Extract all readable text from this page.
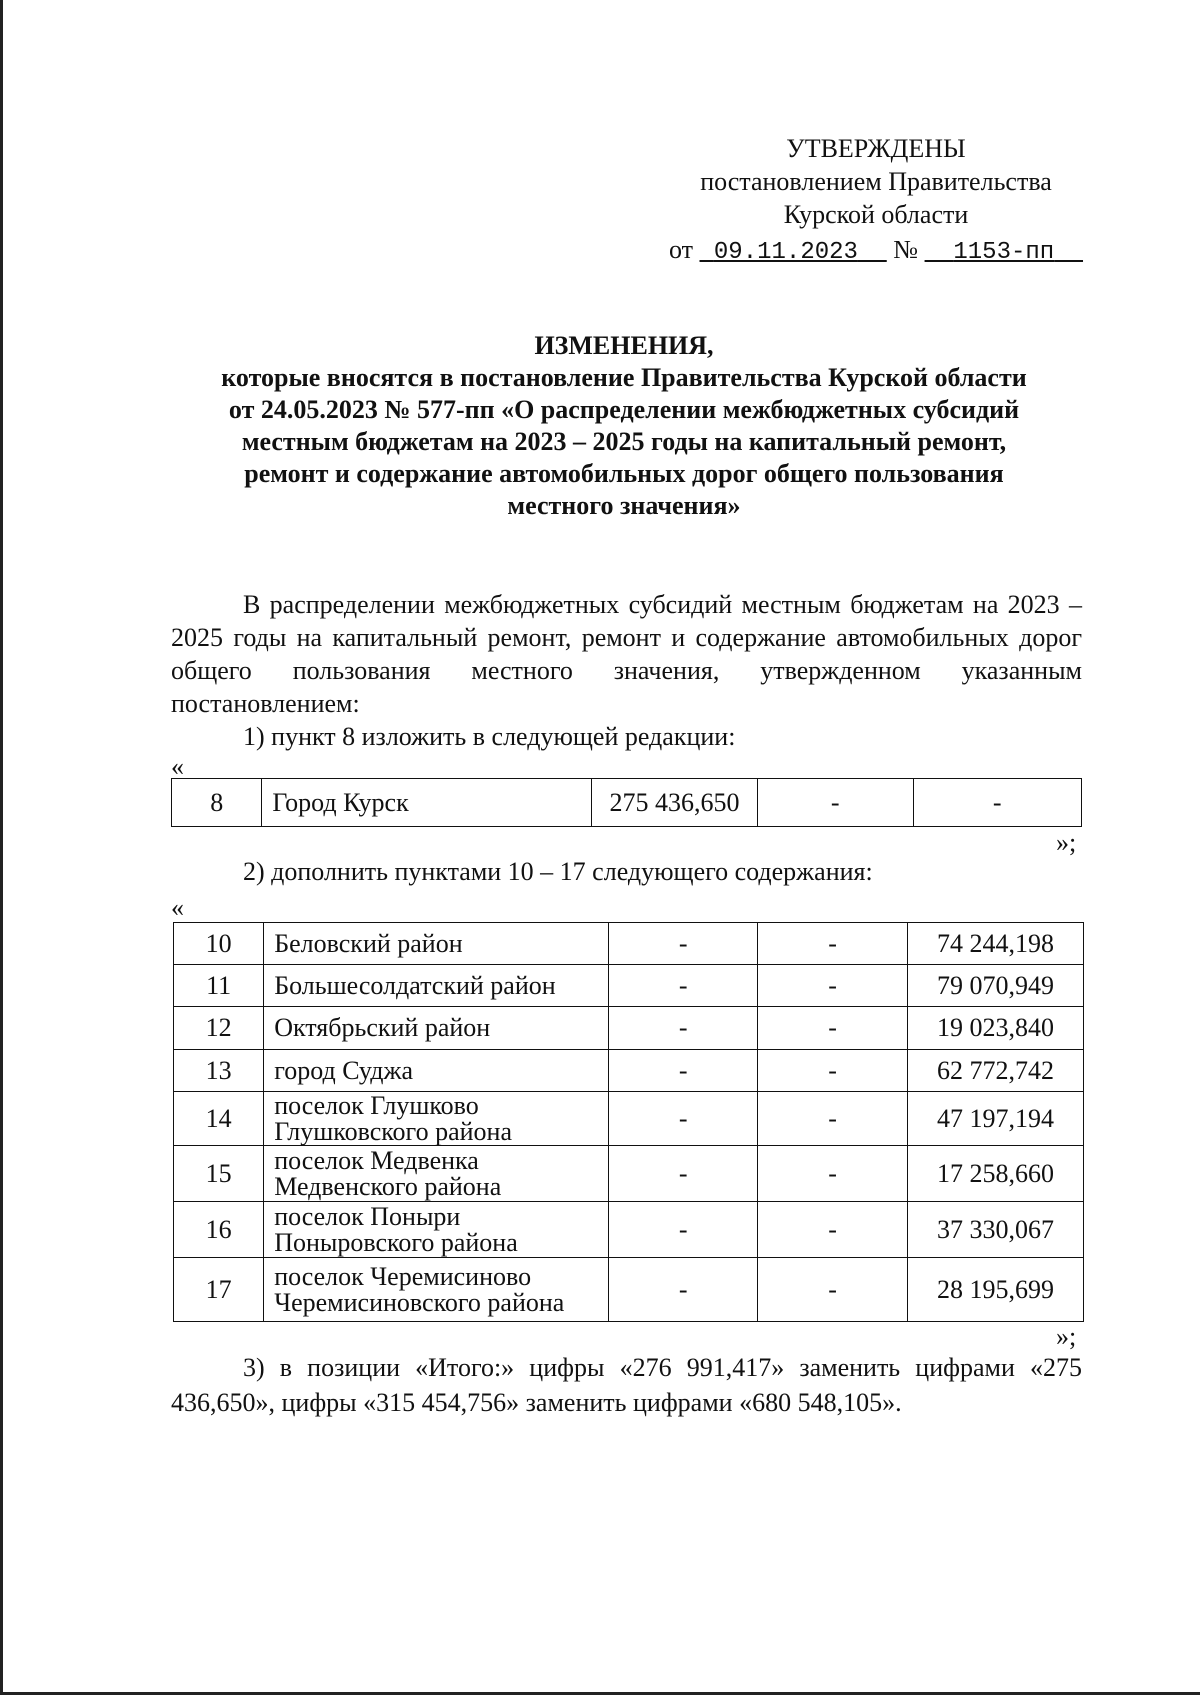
УТВЕРЖДЕНЫ
постановлением Правительства
Курской области
от 09.11.2023 № 1153-пп
ИЗМЕНЕНИЯ,
которые вносятся в постановление Правительства Курской области от 24.05.2023 № 577-пп «О распределении межбюджетных субсидий местным бюджетам на 2023 – 2025 годы на капитальный ремонт, ремонт и содержание автомобильных дорог общего пользования местного значения»

В распределении межбюджетных субсидий местным бюджетам на 2023 – 2025 годы на капитальный ремонт, ремонт и содержание автомобильных дорог общего пользования местного значения, утвержденном указанным постановлением:

1) пункт 8 изложить в следующей редакции:

«
8	Город Курск	275 436,650	-	-
»;
2) дополнить пунктами 10 – 17 следующего содержания:
«
10	Беловский район	-	-	74 244,198
11	Большесолдатский район	-	-	79 070,949
12	Октябрьский район	-	-	19 023,840
13	город Суджа	-	-	62 772,742
14	поселок Глушково Глушковского района	-	-	47 197,194
15	поселок Медвенка Медвенского района	-	-	17 258,660
16	поселок Поныри Поныровского района	-	-	37 330,067
17	поселок Черемисиново Черемисиновского района	-	-	28 195,699
»;

3) в позиции «Итого:» цифры «276 991,417» заменить цифрами «275 436,650», цифры «315 454,756» заменить цифрами «680 548,105».
